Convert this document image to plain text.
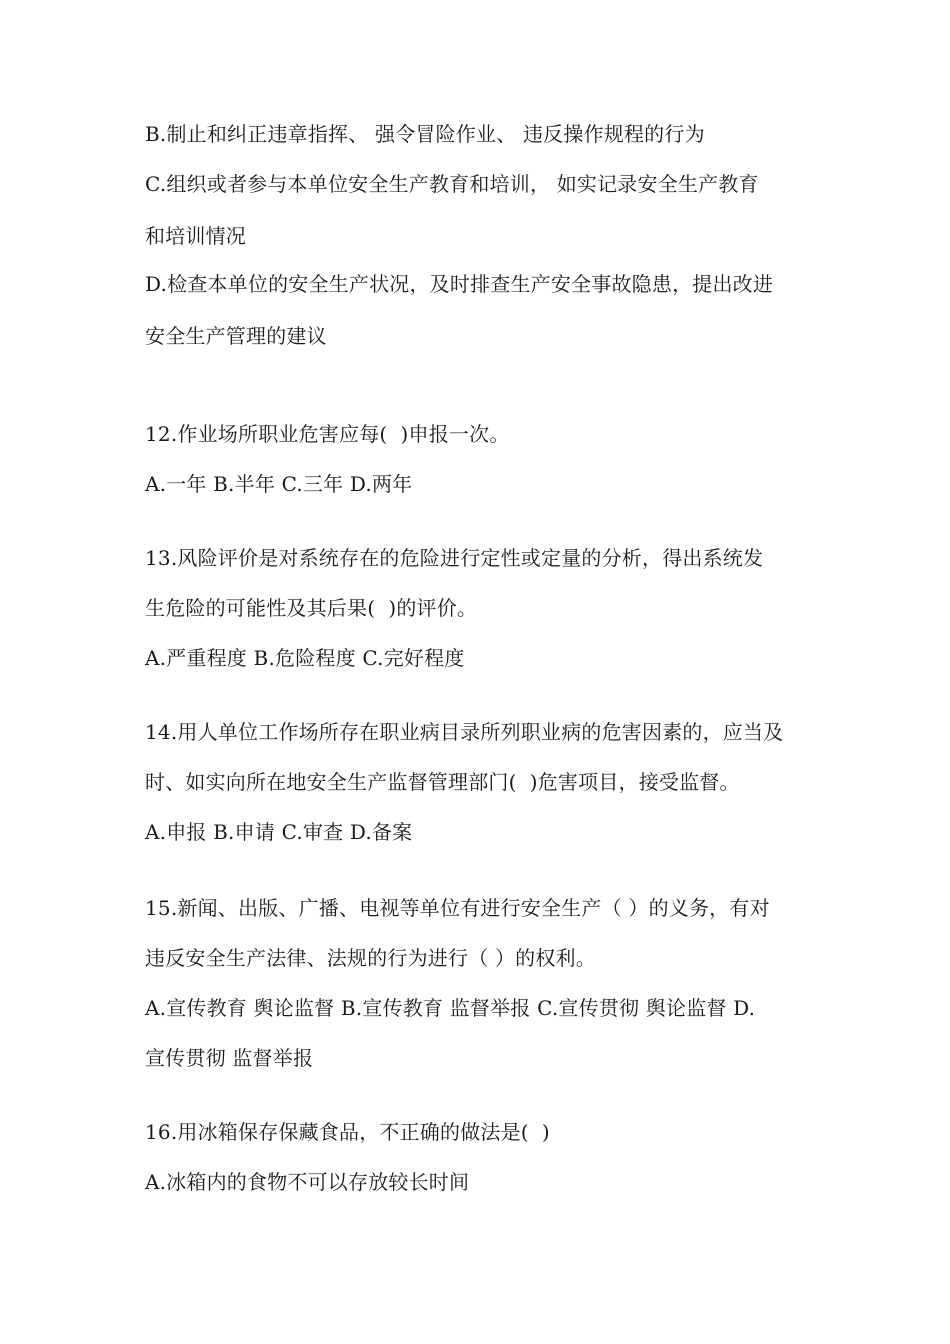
B.制止和纠正违章指挥、 强令冒险作业、 违反操作规程的行为
C.组织或者参与本单位安全生产教育和培训， 如实记录安全生产教育
和培训情况
D.检查本单位的安全生产状况，及时排查生产安全事故隐患，提出改进
安全生产管理的建议
12.作业场所职业危害应每(  )申报一次。
A.一年 B.半年 C.三年 D.两年
13.风险评价是对系统存在的危险进行定性或定量的分析，得出系统发
生危险的可能性及其后果(  )的评价。
A.严重程度 B.危险程度 C.完好程度
14.用人单位工作场所存在职业病目录所列职业病的危害因素的，应当及
时、如实向所在地安全生产监督管理部门(  )危害项目，接受监督。
A.申报 B.申请 C.审查 D.备案
15.新闻、出版、广播、电视等单位有进行安全生产（ ）的义务，有对
违反安全生产法律、法规的行为进行（ ）的权利。
A.宣传教育 舆论监督 B.宣传教育 监督举报 C.宣传贯彻 舆论监督 D.
宣传贯彻 监督举报
16.用冰箱保存保藏食品，不正确的做法是(  )
A.冰箱内的食物不可以存放较长时间
